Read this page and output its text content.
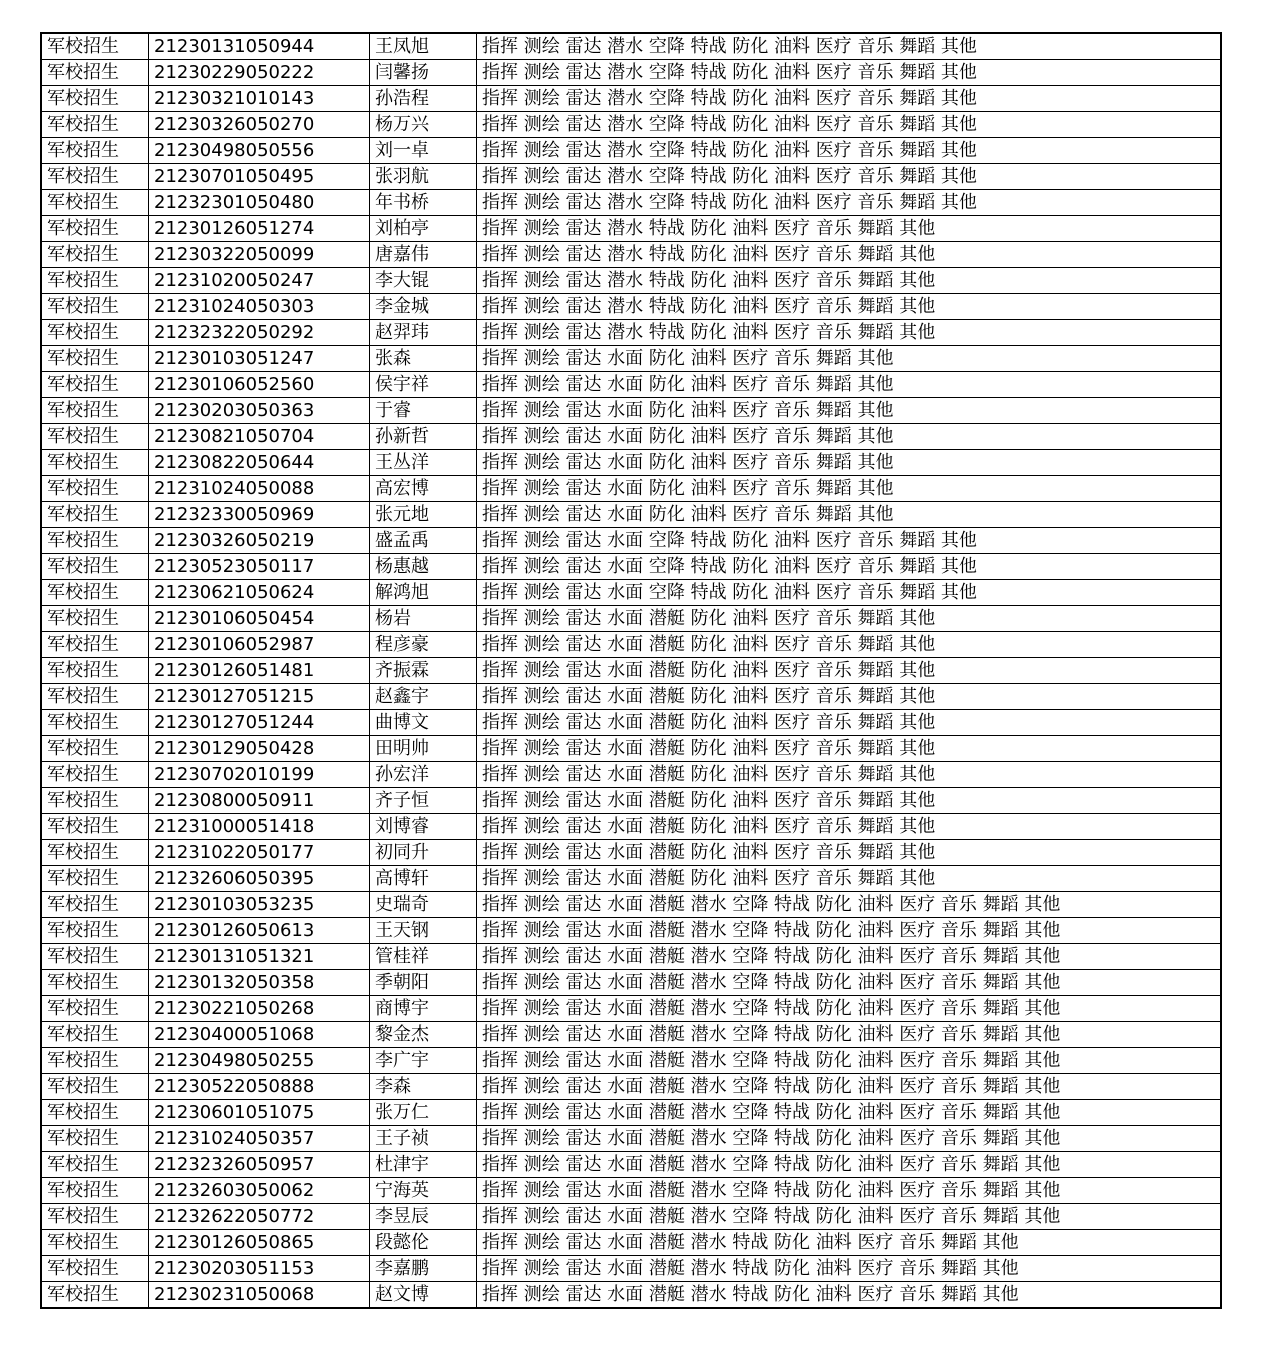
军校招生	21230131050944	王凤旭	指挥 测绘 雷达 潜水 空降 特战 防化 油料 医疗 音乐 舞蹈 其他
军校招生	21230229050222	闫馨扬	指挥 测绘 雷达 潜水 空降 特战 防化 油料 医疗 音乐 舞蹈 其他
军校招生	21230321010143	孙浩程	指挥 测绘 雷达 潜水 空降 特战 防化 油料 医疗 音乐 舞蹈 其他
军校招生	21230326050270	杨万兴	指挥 测绘 雷达 潜水 空降 特战 防化 油料 医疗 音乐 舞蹈 其他
军校招生	21230498050556	刘一卓	指挥 测绘 雷达 潜水 空降 特战 防化 油料 医疗 音乐 舞蹈 其他
军校招生	21230701050495	张羽航	指挥 测绘 雷达 潜水 空降 特战 防化 油料 医疗 音乐 舞蹈 其他
军校招生	21232301050480	年书桥	指挥 测绘 雷达 潜水 空降 特战 防化 油料 医疗 音乐 舞蹈 其他
军校招生	21230126051274	刘柏亭	指挥 测绘 雷达 潜水 特战 防化 油料 医疗 音乐 舞蹈 其他
军校招生	21230322050099	唐嘉伟	指挥 测绘 雷达 潜水 特战 防化 油料 医疗 音乐 舞蹈 其他
军校招生	21231020050247	李大锟	指挥 测绘 雷达 潜水 特战 防化 油料 医疗 音乐 舞蹈 其他
军校招生	21231024050303	李金城	指挥 测绘 雷达 潜水 特战 防化 油料 医疗 音乐 舞蹈 其他
军校招生	21232322050292	赵羿玮	指挥 测绘 雷达 潜水 特战 防化 油料 医疗 音乐 舞蹈 其他
军校招生	21230103051247	张森	指挥 测绘 雷达 水面 防化 油料 医疗 音乐 舞蹈 其他
军校招生	21230106052560	侯宇祥	指挥 测绘 雷达 水面 防化 油料 医疗 音乐 舞蹈 其他
军校招生	21230203050363	于睿	指挥 测绘 雷达 水面 防化 油料 医疗 音乐 舞蹈 其他
军校招生	21230821050704	孙新哲	指挥 测绘 雷达 水面 防化 油料 医疗 音乐 舞蹈 其他
军校招生	21230822050644	王丛洋	指挥 测绘 雷达 水面 防化 油料 医疗 音乐 舞蹈 其他
军校招生	21231024050088	高宏博	指挥 测绘 雷达 水面 防化 油料 医疗 音乐 舞蹈 其他
军校招生	21232330050969	张元地	指挥 测绘 雷达 水面 防化 油料 医疗 音乐 舞蹈 其他
军校招生	21230326050219	盛孟禹	指挥 测绘 雷达 水面 空降 特战 防化 油料 医疗 音乐 舞蹈 其他
军校招生	21230523050117	杨惠越	指挥 测绘 雷达 水面 空降 特战 防化 油料 医疗 音乐 舞蹈 其他
军校招生	21230621050624	解鸿旭	指挥 测绘 雷达 水面 空降 特战 防化 油料 医疗 音乐 舞蹈 其他
军校招生	21230106050454	杨岩	指挥 测绘 雷达 水面 潜艇 防化 油料 医疗 音乐 舞蹈 其他
军校招生	21230106052987	程彦豪	指挥 测绘 雷达 水面 潜艇 防化 油料 医疗 音乐 舞蹈 其他
军校招生	21230126051481	齐振霖	指挥 测绘 雷达 水面 潜艇 防化 油料 医疗 音乐 舞蹈 其他
军校招生	21230127051215	赵鑫宇	指挥 测绘 雷达 水面 潜艇 防化 油料 医疗 音乐 舞蹈 其他
军校招生	21230127051244	曲博文	指挥 测绘 雷达 水面 潜艇 防化 油料 医疗 音乐 舞蹈 其他
军校招生	21230129050428	田明帅	指挥 测绘 雷达 水面 潜艇 防化 油料 医疗 音乐 舞蹈 其他
军校招生	21230702010199	孙宏洋	指挥 测绘 雷达 水面 潜艇 防化 油料 医疗 音乐 舞蹈 其他
军校招生	21230800050911	齐子恒	指挥 测绘 雷达 水面 潜艇 防化 油料 医疗 音乐 舞蹈 其他
军校招生	21231000051418	刘博睿	指挥 测绘 雷达 水面 潜艇 防化 油料 医疗 音乐 舞蹈 其他
军校招生	21231022050177	初同升	指挥 测绘 雷达 水面 潜艇 防化 油料 医疗 音乐 舞蹈 其他
军校招生	21232606050395	高博轩	指挥 测绘 雷达 水面 潜艇 防化 油料 医疗 音乐 舞蹈 其他
军校招生	21230103053235	史瑞奇	指挥 测绘 雷达 水面 潜艇 潜水 空降 特战 防化 油料 医疗 音乐 舞蹈 其他
军校招生	21230126050613	王天钢	指挥 测绘 雷达 水面 潜艇 潜水 空降 特战 防化 油料 医疗 音乐 舞蹈 其他
军校招生	21230131051321	管桂祥	指挥 测绘 雷达 水面 潜艇 潜水 空降 特战 防化 油料 医疗 音乐 舞蹈 其他
军校招生	21230132050358	季朝阳	指挥 测绘 雷达 水面 潜艇 潜水 空降 特战 防化 油料 医疗 音乐 舞蹈 其他
军校招生	21230221050268	商博宇	指挥 测绘 雷达 水面 潜艇 潜水 空降 特战 防化 油料 医疗 音乐 舞蹈 其他
军校招生	21230400051068	黎金杰	指挥 测绘 雷达 水面 潜艇 潜水 空降 特战 防化 油料 医疗 音乐 舞蹈 其他
军校招生	21230498050255	李广宇	指挥 测绘 雷达 水面 潜艇 潜水 空降 特战 防化 油料 医疗 音乐 舞蹈 其他
军校招生	21230522050888	李森	指挥 测绘 雷达 水面 潜艇 潜水 空降 特战 防化 油料 医疗 音乐 舞蹈 其他
军校招生	21230601051075	张万仁	指挥 测绘 雷达 水面 潜艇 潜水 空降 特战 防化 油料 医疗 音乐 舞蹈 其他
军校招生	21231024050357	王子祯	指挥 测绘 雷达 水面 潜艇 潜水 空降 特战 防化 油料 医疗 音乐 舞蹈 其他
军校招生	21232326050957	杜津宇	指挥 测绘 雷达 水面 潜艇 潜水 空降 特战 防化 油料 医疗 音乐 舞蹈 其他
军校招生	21232603050062	宁海英	指挥 测绘 雷达 水面 潜艇 潜水 空降 特战 防化 油料 医疗 音乐 舞蹈 其他
军校招生	21232622050772	李昱辰	指挥 测绘 雷达 水面 潜艇 潜水 空降 特战 防化 油料 医疗 音乐 舞蹈 其他
军校招生	21230126050865	段懿伦	指挥 测绘 雷达 水面 潜艇 潜水 特战 防化 油料 医疗 音乐 舞蹈 其他
军校招生	21230203051153	李嘉鹏	指挥 测绘 雷达 水面 潜艇 潜水 特战 防化 油料 医疗 音乐 舞蹈 其他
军校招生	21230231050068	赵文博	指挥 测绘 雷达 水面 潜艇 潜水 特战 防化 油料 医疗 音乐 舞蹈 其他
